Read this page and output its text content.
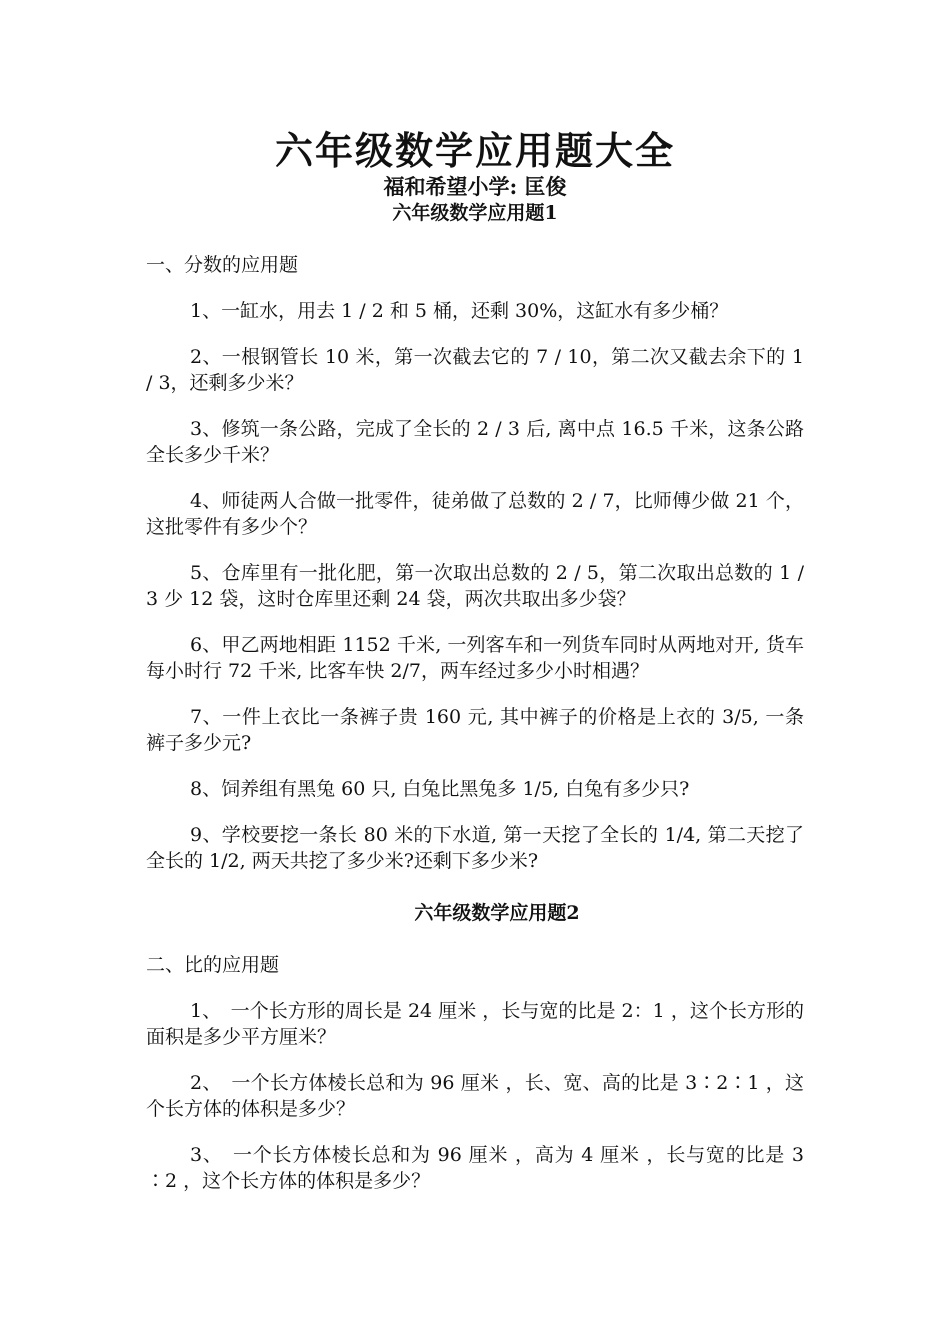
六年级数学应用题大全

福和希望小学: 匡俊

六年级数学应用题1

一、分数的应用题

1、一缸水，用去 1 / 2 和 5 桶，还剩 30%，这缸水有多少桶？

2、一根钢管长 10 米，第一次截去它的 7 / 10，第二次又截去余下的 1 / 3，还剩多少米？

3、修筑一条公路，完成了全长的 2 / 3 后, 离中点 16.5 千米，这条公路全长多少千米？

4、师徒两人合做一批零件，徒弟做了总数的 2 / 7，比师傅少做 21 个，这批零件有多少个？

5、仓库里有一批化肥，第一次取出总数的 2 / 5，第二次取出总数的 1 / 3 少 12 袋，这时仓库里还剩 24 袋，两次共取出多少袋？

6、甲乙两地相距 1152 千米, 一列客车和一列货车同时从两地对开, 货车每小时行 72 千米, 比客车快 2/7，两车经过多少小时相遇？

7、一件上衣比一条裤子贵 160 元, 其中裤子的价格是上衣的 3/5, 一条裤子多少元?

8、饲养组有黑兔 60 只, 白兔比黑兔多 1/5, 白兔有多少只?

9、学校要挖一条长 80 米的下水道, 第一天挖了全长的 1/4, 第二天挖了全长的 1/2, 两天共挖了多少米?还剩下多少米?

六年级数学应用题2

二、比的应用题

1、　一个长方形的周长是 24 厘米 ，长与宽的比是 2：1 ，这个长方形的面积是多少平方厘米？

2、　一个长方体棱长总和为 96 厘米 ，长、宽、高的比是 3∶2∶1 ，这个长方体的体积是多少？

3、　一个长方体棱长总和为 96 厘米 ，高为 4 厘米 ，长与宽的比是 3 ∶2 ，这个长方体的体积是多少？
